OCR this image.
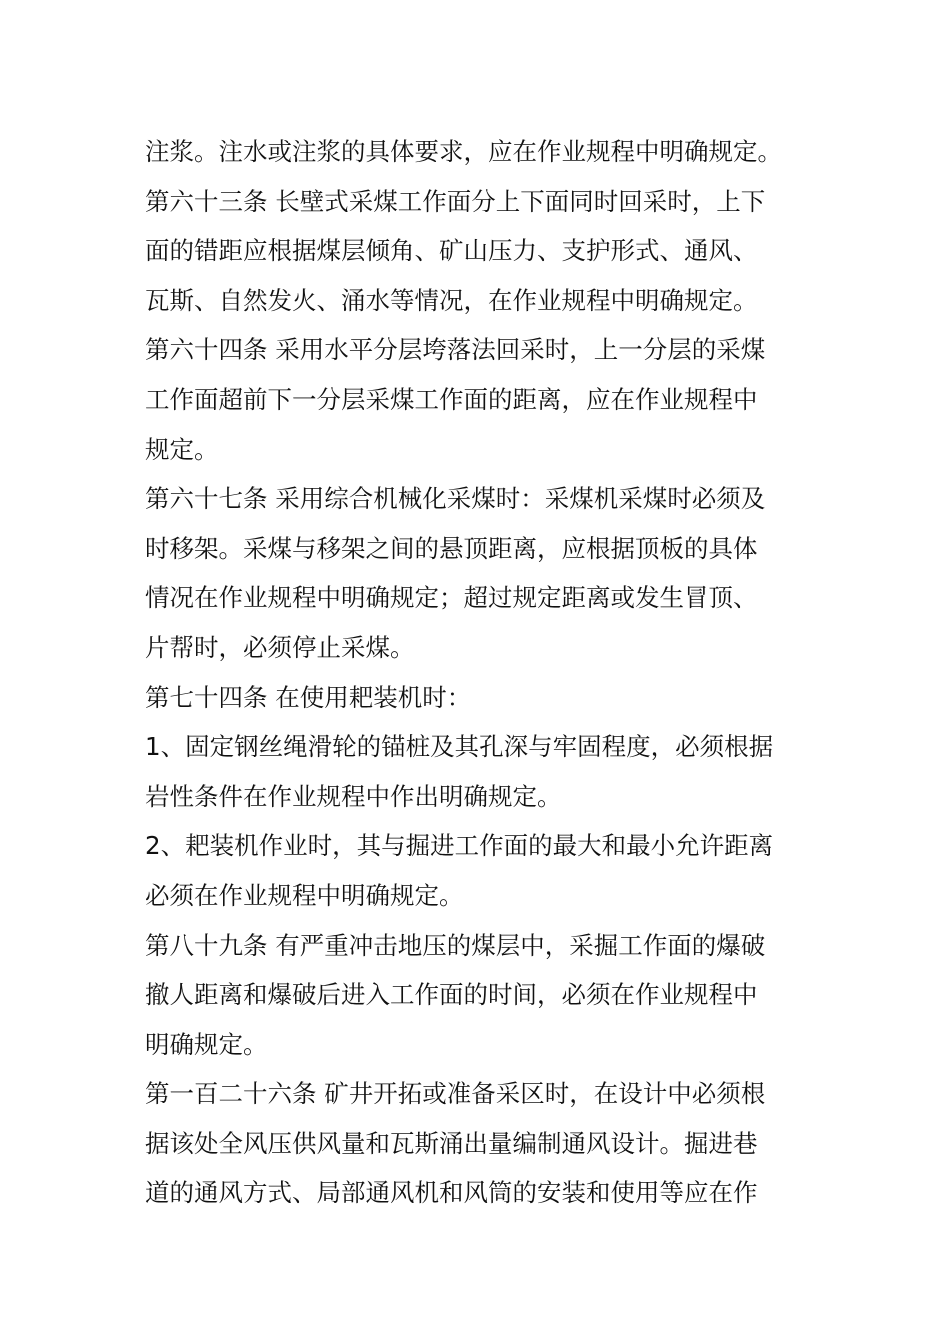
注浆。注水或注浆的具体要求，应在作业规程中明确规定。
第六十三条 长壁式采煤工作面分上下面同时回采时，上下
面的错距应根据煤层倾角、矿山压力、支护形式、通风、
瓦斯、自然发火、涌水等情况，在作业规程中明确规定。
第六十四条 采用水平分层垮落法回采时，上一分层的采煤
工作面超前下一分层采煤工作面的距离，应在作业规程中
规定。
第六十七条 采用综合机械化采煤时：采煤机采煤时必须及
时移架。采煤与移架之间的悬顶距离，应根据顶板的具体
情况在作业规程中明确规定；超过规定距离或发生冒顶、
片帮时，必须停止采煤。
第七十四条 在使用耙装机时：
1、固定钢丝绳滑轮的锚桩及其孔深与牢固程度，必须根据
岩性条件在作业规程中作出明确规定。
2、耙装机作业时，其与掘进工作面的最大和最小允许距离
必须在作业规程中明确规定。
第八十九条 有严重冲击地压的煤层中，采掘工作面的爆破
撤人距离和爆破后进入工作面的时间，必须在作业规程中
明确规定。
第一百二十六条 矿井开拓或准备采区时，在设计中必须根
据该处全风压供风量和瓦斯涌出量编制通风设计。掘进巷
道的通风方式、局部通风机和风筒的安装和使用等应在作
